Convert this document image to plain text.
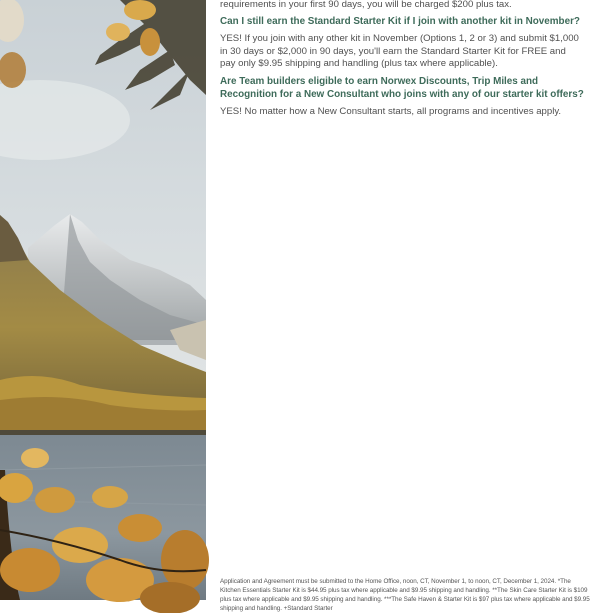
requirements in your first 90 days, you will be charged $200 plus tax.

Can I still earn the Standard Starter Kit if I join with another kit in November?

YES! If you join with any other kit in November (Options 1, 2 or 3) and submit $1,000 in 30 days or $2,000 in 90 days, you'll earn the Standard Starter Kit for FREE and pay only $9.95 shipping and handling (plus tax where applicable).

Are Team builders eligible to earn Norwex Discounts, Trip Miles and Recognition for a New Consultant who joins with any of our starter kit offers?

YES! No matter how a New Consultant starts, all programs and incentives apply.

Application and Agreement must be submitted to the Home Office, noon, CT, November 1, to noon, CT, December 1, 2024. *The Kitchen Essentials Starter Kit is $44.95 plus tax where applicable and $9.95 shipping and handling. **The Skin Care Starter Kit is $109 plus tax where applicable and $9.95 shipping and handling. ***The Safe Haven & Starter Kit is $97 plus tax where applicable and $9.95 shipping and handling. +Standard Starter
